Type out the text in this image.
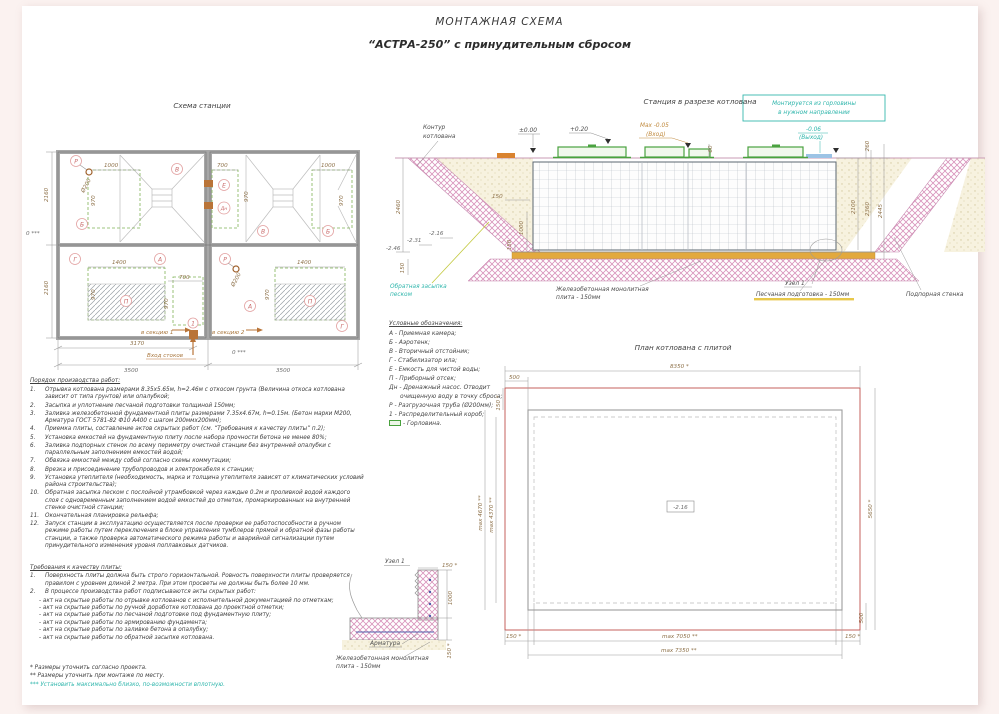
МОНТАЖНАЯ СХЕМА
“АСТРА-250” с принудительным сбросом
Схема станции
1000	1000
700
700
970	970	970
970
970
970
1400	1400
2160
2160
3170
3500	3500
Ø200
Ø200
0 ***
0 ***
Р
Б
В
Е
Дн
В	Б
Г	А
П
Р
А
П
Г
1
в секцию 1	в секцию 2
Вход стоков
Станция в разрезе котлована
±0.00	+0.20
Max -0.05
(Вход)
-0.06
(Выход)
Монтируется из горловины
в нужном направлении
Контур
котлована
2100 2360 2445
260
60
2460
-2.16
-2.31
-2.46
150
150
1000
150
Обратная засыпка
песком
Железобетонная монолитная
плита - 150мм	Песчаная подготовка - 150мм	Подпорная стенка
Узел 1
Условные обозначения:
А - Приемная камера;
Б - Аэротенк;
В - Вторичный отстойник;
Г - Стабилизатор ила;
Е - Емкость для чистой воды;
П - Приборный отсек;
Дн - Дренажный насос. Отводит очищенную воду в точку сброса;
Р - Разгрузочная труба (Ø200мм);
1 - Распределительный короб;
- Горловина.
План котлована с плитой
-2.16
8350 *
500
150 *
max 4670 ** max 4370 **	5650 *
500
150 *	max 7050 **	150 *
max 7350 **
Узел 1
150 *
1000
150 *
Арматура
Железобетонная монолитная
плита - 150мм
Порядок производства работ:
1.	Отрывка котлована размерами 8.35х5.65м, h=2.46м с откосом грунта (Величина откоса котлована зависит от типа грунтов) или опалубкой;
2.	Засыпка и уплотнение песчаной подготовки толщиной 150мм;
3.	Заливка железобетонной фундаментной плиты размерами 7.35х4.67м, h=0.15м. (Бетон марки М200, Арматура ГОСТ 5781-82 Ф10 А400 с шагом 200ммх200мм);
4.	Приемка плиты, составление актов скрытых работ (см. “Требования к качеству плиты” п.2);
5.	Установка емкостей на фундаментную плиту после набора прочности бетона не менее 80%;
6.	Заливка подпорных стенок по всему периметру очистной станции без внутренней опалубки с параллельным заполнением емкостей водой;
7.	Обвязка емкостей между собой согласно схемы коммутации;
8.	Врезка и присоединение трубопроводов и электрокабеля к станции;
9.	Установка утеплителя (необходимость, марка и толщина утеплителя зависят от климатических условий района строительства);
10.	Обратная засыпка песком с послойной утрамбовкой через каждые 0.2м и проливкой водой каждого слоя с одновременным заполнением водой емкостей до отметок, промаркированных на внутренней стенке очистной станции;
11.	Окончательная планировка рельефа;
12.	Запуск станции в эксплуатацию осуществляется после проверки ее работоспособности в ручном режиме работы путем переключения в блоке управления тумблеров прямой и обратной фазы работы станции, а также проверка автоматического режима работы и аварийной сигнализации путем принудительного изменения уровня поплавковых датчиков.
Требования к качеству плиты:
1.	Поверхность плиты должна быть строго горизонтальной. Ровность поверхности плиты проверяется правилом с уровнем длиной 2 метра. При этом просветы не должны быть более 10 мм.
2.	В процессе производства работ подписываются акты скрытых работ:
- акт на скрытые работы по отрывке котлованов с исполнительной документацией по отметкам;
- акт на скрытые работы по ручной доработке котлована до проектной отметки;
- акт на скрытые работы по песчаной подготовке под фундаментную плиту;
- акт на скрытые работы по армированию фундамента;
- акт на скрытые работы по заливке бетона в опалубку;
- акт на скрытые работы по обратной засыпке котлована.
* Размеры уточнить согласно проекта.
** Размеры уточнить при монтаже по месту.
*** Установить максимально близко, по-возможности вплотную.
